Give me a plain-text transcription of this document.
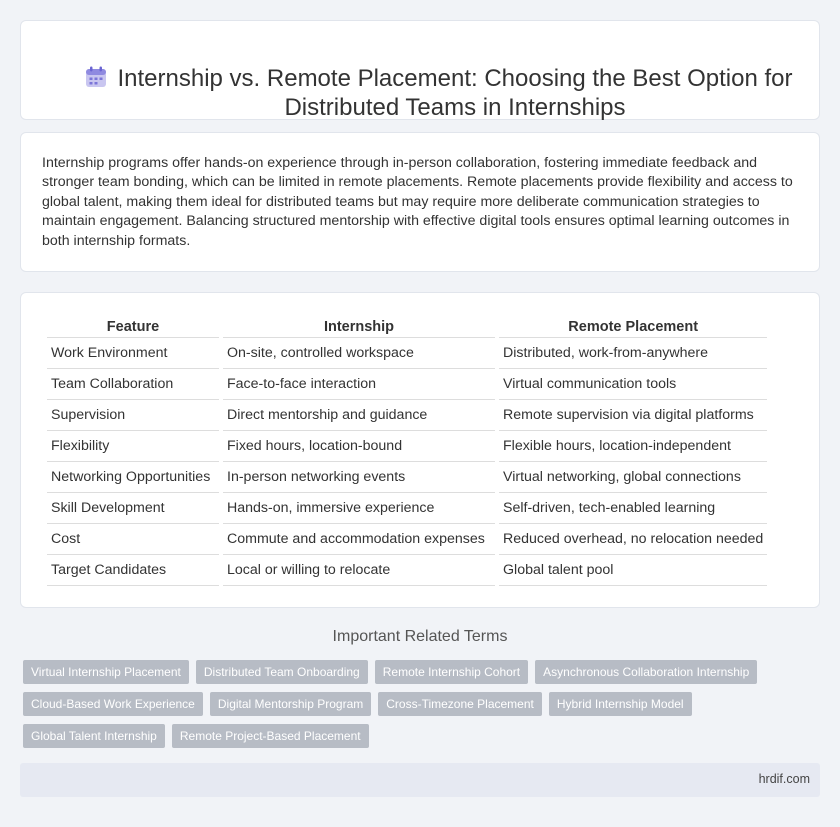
Internship vs. Remote Placement: Choosing the Best Option for Distributed Teams in Internships

Internship programs offer hands-on experience through in-person collaboration, fostering immediate feedback and stronger team bonding, which can be limited in remote placements. Remote placements provide flexibility and access to global talent, making them ideal for distributed teams but may require more deliberate communication strategies to maintain engagement. Balancing structured mentorship with effective digital tools ensures optimal learning outcomes in both internship formats.

Feature	Internship	Remote Placement
Work Environment	On-site, controlled workspace	Distributed, work-from-anywhere
Team Collaboration	Face-to-face interaction	Virtual communication tools
Supervision	Direct mentorship and guidance	Remote supervision via digital platforms
Flexibility	Fixed hours, location-bound	Flexible hours, location-independent
Networking Opportunities	In-person networking events	Virtual networking, global connections
Skill Development	Hands-on, immersive experience	Self-driven, tech-enabled learning
Cost	Commute and accommodation expenses	Reduced overhead, no relocation needed
Target Candidates	Local or willing to relocate	Global talent pool
Important Related Terms
Virtual Internship Placement	Distributed Team Onboarding	Remote Internship Cohort	Asynchronous Collaboration Internship
Cloud-Based Work Experience	Digital Mentorship Program	Cross-Timezone Placement	Hybrid Internship Model
Global Talent Internship	Remote Project-Based Placement
hrdif.com
